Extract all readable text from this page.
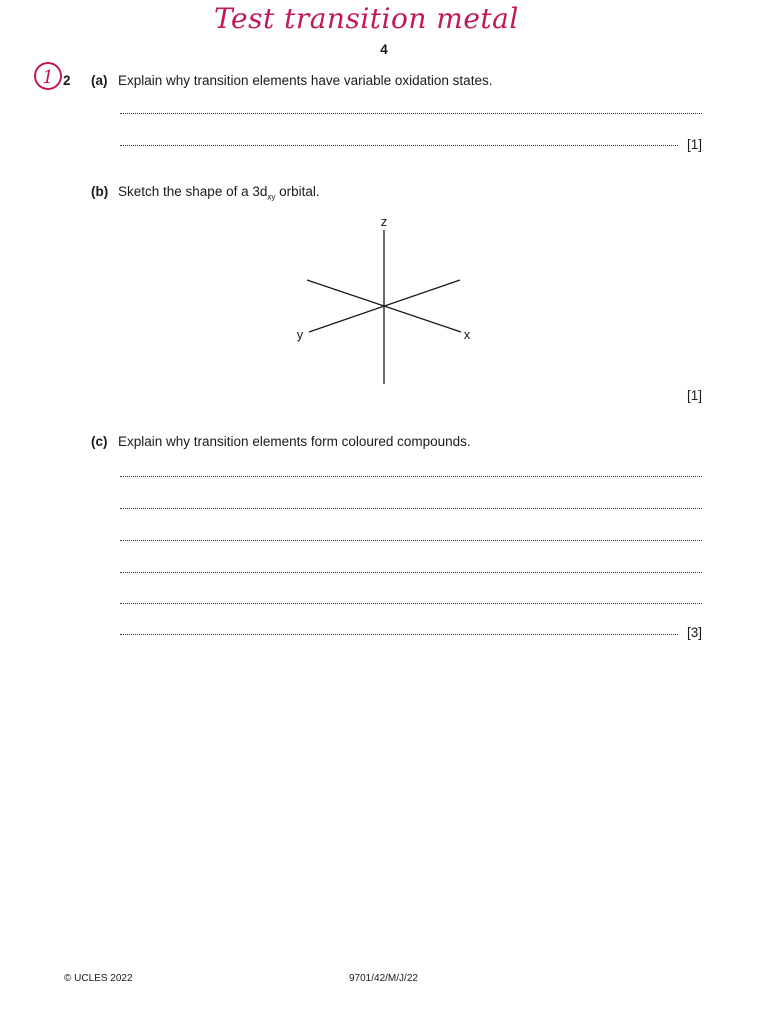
Test transition metal
4
1 2 (a) Explain why transition elements have variable oxidation states.
[1]
(b) Sketch the shape of a $3d_{xy}$ orbital.
z
y	x
[1]
(c) Explain why transition elements form coloured compounds.
[3]
© UCLES 2022	9701/42/M/J/22
